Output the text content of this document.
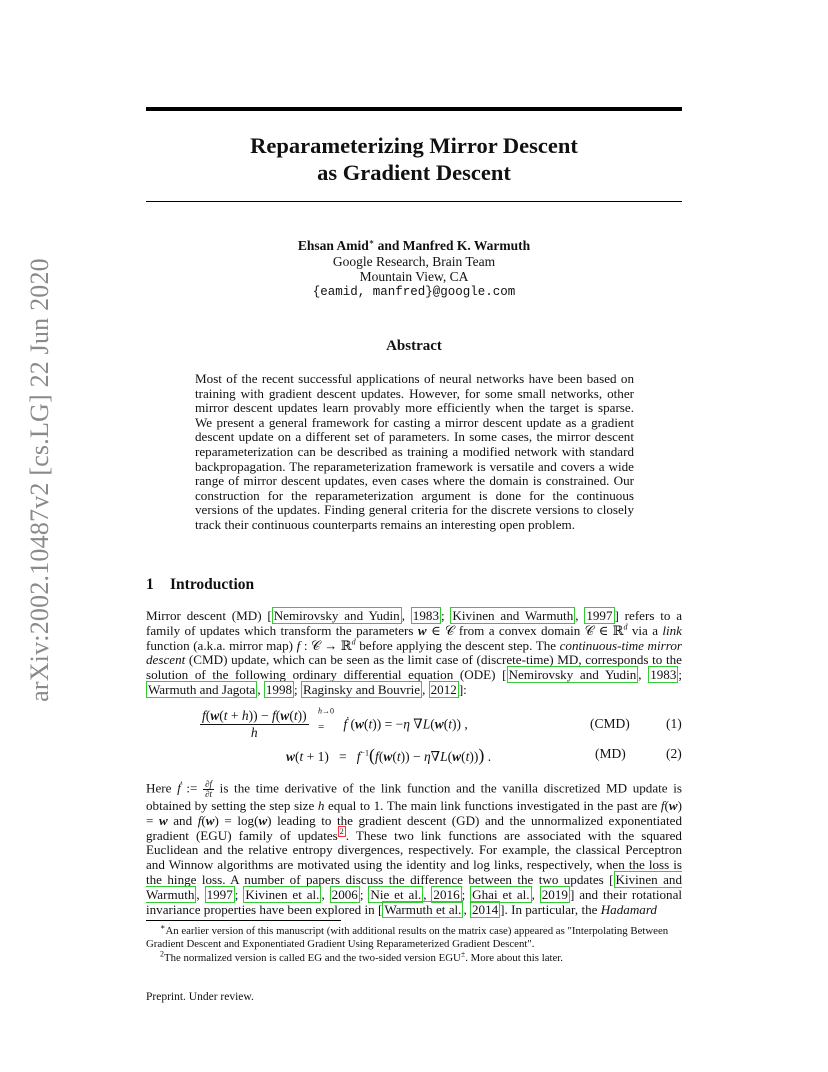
arXiv:2002.10487v2 [cs.LG] 22 Jun 2020
Reparameterizing Mirror Descent
as Gradient Descent
Ehsan Amid∗ and Manfred K. Warmuth
Google Research, Brain Team
Mountain View, CA
{eamid, manfred}@google.com
Abstract
Most of the recent successful applications of neural networks have been based on training with gradient descent updates. However, for some small networks, other mirror descent updates learn provably more efficiently when the target is sparse. We present a general framework for casting a mirror descent update as a gradient descent update on a different set of parameters. In some cases, the mirror descent reparameterization can be described as training a modified network with standard backpropagation. The reparameterization framework is versatile and covers a wide range of mirror descent updates, even cases where the domain is constrained. Our construction for the reparameterization argument is done for the continuous versions of the updates. Finding general criteria for the discrete versions to closely track their continuous counterparts remains an interesting open problem.
1 Introduction
Mirror descent (MD) [ Nemirovsky and Yudin , 1983 ; Kivinen and Warmuth , 1997 ] refers to a family of updates which transform the parameters w ∈ 𝒞 from a convex domain 𝒞 ∈ ℝ$^d$ via a link function (a.k.a. mirror map) f : 𝒞 → ℝ$^d$ before applying the descent step. The continuous-time mirror descent (CMD) update, which can be seen as the limit case of (discrete-time) MD, corresponds to the solution of the following ordinary differential equation (ODE) [ Nemirovsky and Yudin , 1983 ; Warmuth and Jagota , 1998 ; Raginsky and Bouvrie , 2012 ]:
$\frac{f(w(t + h)) - f(w(t))}{h} ^{h\to 0}$
= ḟ (w(t)) = −η ∇L(w(t)) ,	(CMD)	(1)
$w(t + 1) = f^{-1}(f(w(t)) - \eta\nabla L(w(t)))$ .	(MD)	(2)
Here ḟ := $\frac{\partial f}{\partial t}$ is the time derivative of the link function and the vanilla discretized MD update is obtained by setting the step size h equal to 1. The main link functions investigated in the past are f(w) = w and f(w) = log(w) leading to the gradient descent (GD) and the unnormalized exponentiated gradient (EGU) family of updates $^2$ . These two link functions are associated with the squared Euclidean and the relative entropy divergences, respectively. For example, the classical Perceptron and Winnow algorithms are motivated using the identity and log links, respectively, when the loss is the hinge loss. A number of papers discuss the difference between the two updates [ Kivinen and Warmuth , 1997 ; Kivinen et al. , 2006 ; Nie et al. , 2016 ; Ghai et al. , 2019 ] and their rotational invariance properties have been explored in [ Warmuth et al. , 2014 ]. In particular, the Hadamard
∗An earlier version of this manuscript (with additional results on the matrix case) appeared as "Interpolating Between Gradient Descent and Exponentiated Gradient Using Reparameterized Gradient Descent".
$^2$The normalized version is called EG and the two-sided version EGU±. More about this later.
Preprint. Under review.
